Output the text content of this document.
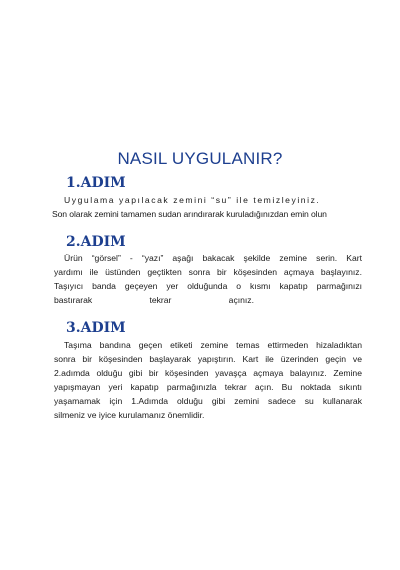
NASIL UYGULANIR?
1.ADIM

Uygulama yapılacak zemini “su” ile temizleyiniz.
Son olarak zemini tamamen sudan arındırarak kuruladığınızdan emin olun

2.ADIM

Ürün “görsel” - “yazı” aşağı bakacak şekilde zemine serin. Kart
yardımı ile üstünden geçtikten sonra bir köşesinden açmaya başlayınız.
Taşıyıcı banda geçeyen yer olduğunda o kısmı kapatıp parmağınızı
bastırarak tekrar açınız.

3.ADIM

Taşıma bandına geçen etiketi zemine temas ettirmeden hizaladıktan
sonra bir köşesinden başlayarak yapıştırın. Kart ile üzerinden geçin ve
2.adımda olduğu gibi bir köşesinden yavaşça açmaya balayınız. Zemine
yapışmayan yeri kapatıp parmağınızla tekrar açın. Bu noktada sıkıntı
yaşamamak için 1.Adımda olduğu gibi zemini sadece su kullanarak
silmeniz ve iyice kurulamanız önemlidir.
